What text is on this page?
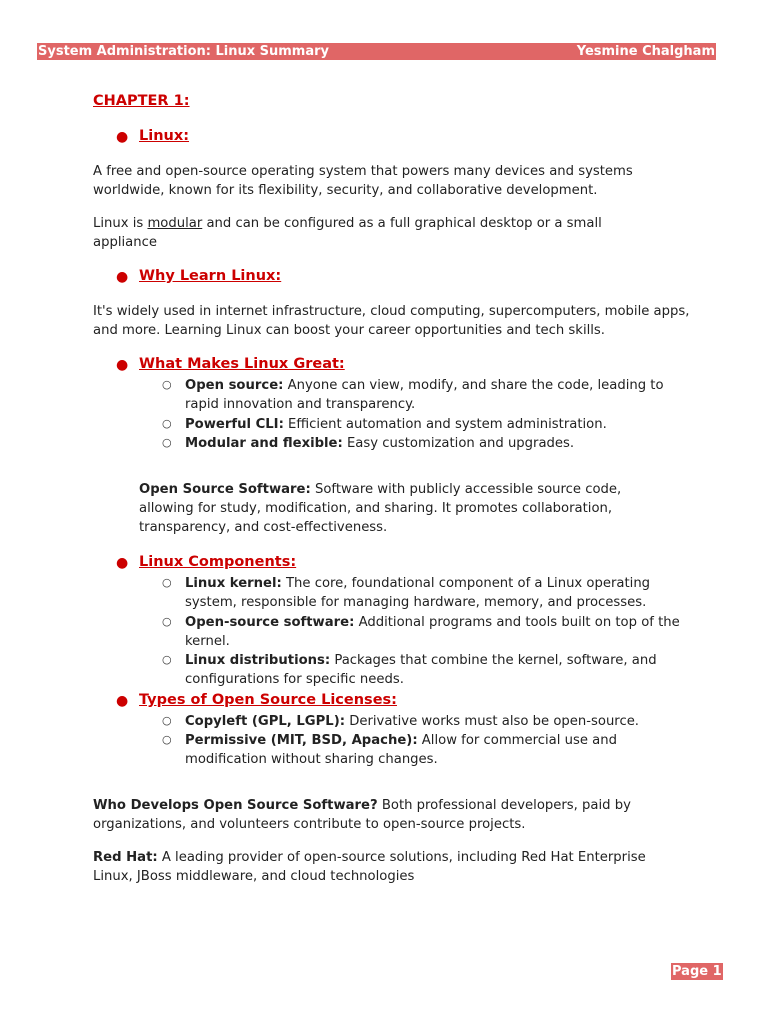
System Administration: Linux Summary	Yesmine Chalgham
CHAPTER 1:
● Linux:
A free and open-source operating system that powers many devices and systems worldwide, known for its flexibility, security, and collaborative development.
Linux is modular and can be configured as a full graphical desktop or a small appliance
● Why Learn Linux:
It's widely used in internet infrastructure, cloud computing, supercomputers, mobile apps, and more. Learning Linux can boost your career opportunities and tech skills.
● What Makes Linux Great:
○ Open source: Anyone can view, modify, and share the code, leading to rapid innovation and transparency.
○ Powerful CLI: Efficient automation and system administration.
○ Modular and flexible: Easy customization and upgrades.
Open Source Software: Software with publicly accessible source code, allowing for study, modification, and sharing. It promotes collaboration, transparency, and cost-effectiveness.
● Linux Components:
○ Linux kernel: The core, foundational component of a Linux operating system, responsible for managing hardware, memory, and processes.
○ Open-source software: Additional programs and tools built on top of the kernel.
○ Linux distributions: Packages that combine the kernel, software, and configurations for specific needs.
● Types of Open Source Licenses:
○ Copyleft (GPL, LGPL): Derivative works must also be open-source.
○ Permissive (MIT, BSD, Apache): Allow for commercial use and modification without sharing changes.
Who Develops Open Source Software? Both professional developers, paid by organizations, and volunteers contribute to open-source projects.
Red Hat: A leading provider of open-source solutions, including Red Hat Enterprise Linux, JBoss middleware, and cloud technologies
Page 1
